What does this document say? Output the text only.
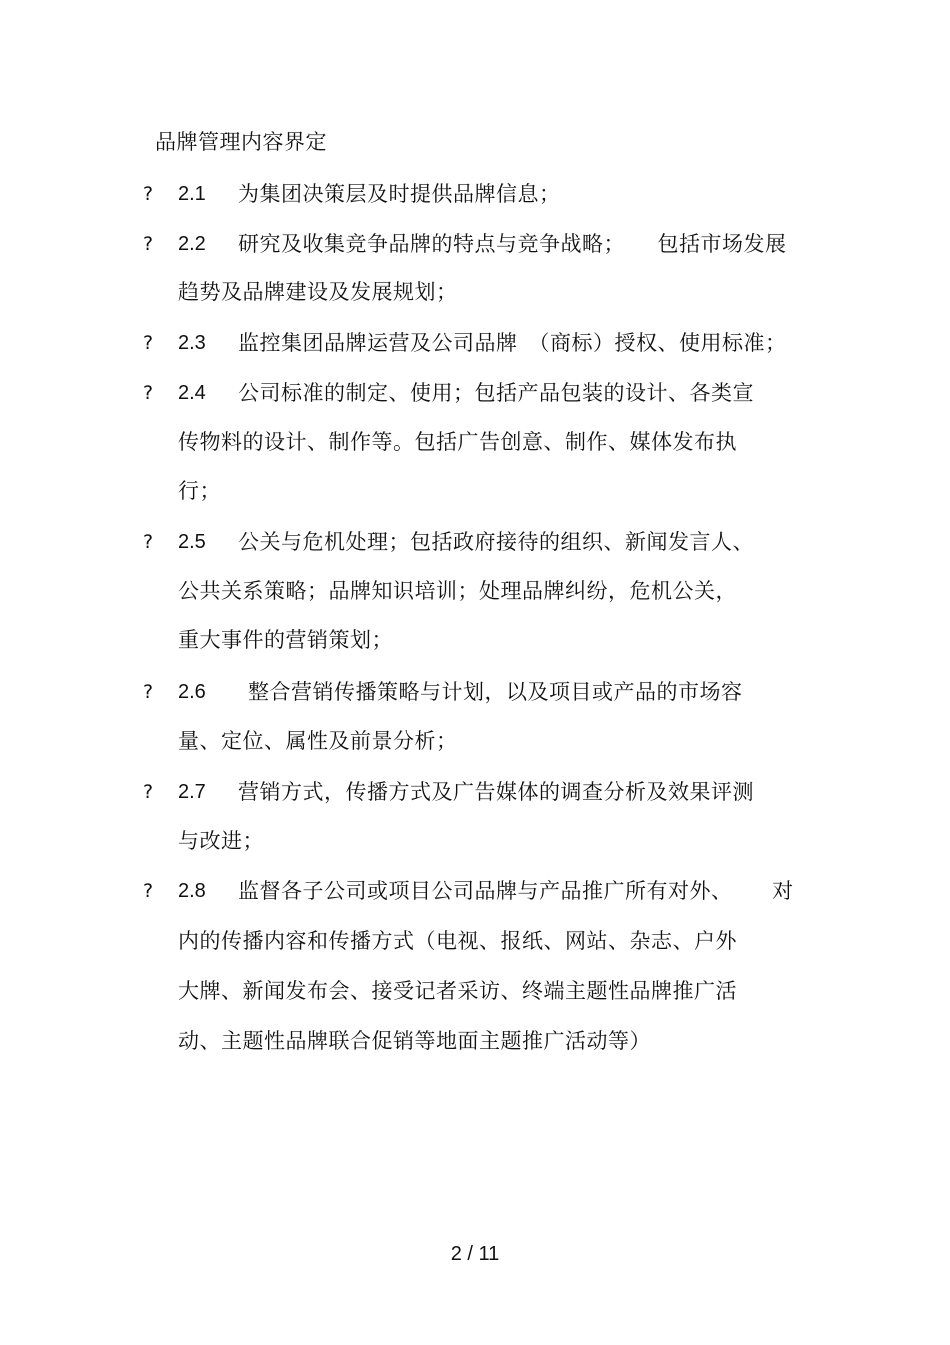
品牌管理内容界定
? 2.1 为集团决策层及时提供品牌信息；
? 2.2 研究及收集竞争品牌的特点与竞争战略；　　包括市场发展
趋势及品牌建设及发展规划；
? 2.3 监控集团品牌运营及公司品牌　（商标）授权、使用标准；
? 2.4 公司标准的制定、使用；包括产品包装的设计、各类宣
传物料的设计、制作等。包括广告创意、制作、媒体发布执
行；
? 2.5 公关与危机处理；包括政府接待的组织、新闻发言人、
公共关系策略；品牌知识培训；处理品牌纠纷，危机公关，
重大事件的营销策划；
? 2.6 整合营销传播策略与计划，以及项目或产品的市场容
量、定位、属性及前景分析；
? 2.7 营销方式，传播方式及广告媒体的调查分析及效果评测
与改进；
? 2.8 监督各子公司或项目公司品牌与产品推广所有对外、　　 对
内的传播内容和传播方式（电视、报纸、网站、杂志、户外
大牌、新闻发布会、接受记者采访、终端主题性品牌推广活
动、主题性品牌联合促销等地面主题推广活动等）
2 / 11
